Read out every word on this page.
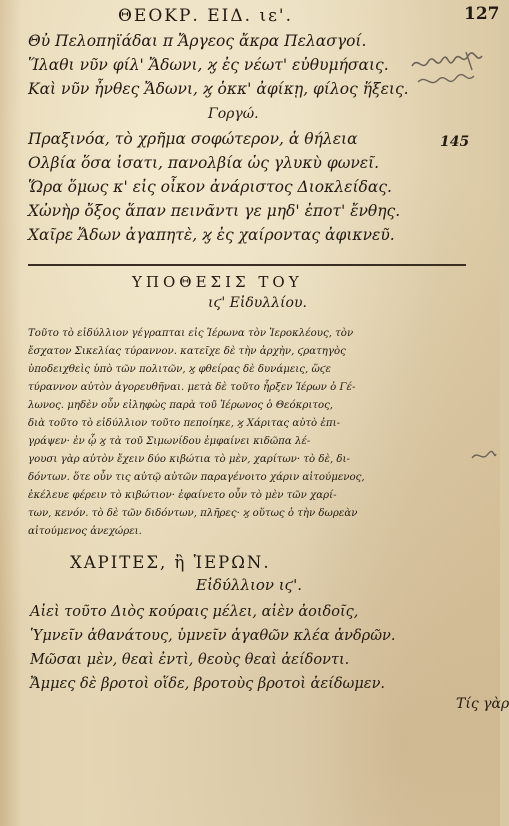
ΘΕΟΚΡ. ΕΙΔ. ιε'.	127
Θὐ Πελοπηϊάδαι π Ἄργεος ἄκρα Πελασγοί.
Ἵλαθι νῦν φίλ' Ἄδωνι, ϗ ἐς νέωτ' εὐθυμήσαις.
Καὶ νῦν ἦνθες Ἄδωνι, ϗ ὁκκ' ἀφίκῃ, φίλος ἥξεις.
Γοργώ.
Πραξινόα, τὸ χρῆμα σοφώτερον, ἁ θήλεια
Ολβία ὅσα ἰσατι, πανολβία ὡς γλυκὺ φωνεῖ.
Ὥρα ὅμως κ' εἰς οἶκον ἀνάριστος Διοκλείδας.
Χὠνὴρ ὄξος ἅπαν πεινᾶντι γε μηδ' ἐποτ' ἔνθης.
Χαῖρε Ἄδων ἀγαπητὲ, ϗ ἐς χαίροντας ἀφικνεῦ.
145
ΥΠΟΘΕΣΙΣ ΤΟΥ
ιϛ' Εἰδυλλίου.
Τοῦτο τὸ εἰδύλλιον γέγραπται εἰς Ἱέρωνα τὸν Ἱεροκλέους, τὸν
ἔσχατον Σικελίας τύραννον. κατεῖχε δὲ τὴν ἀρχὴν, ϛρατηγὸς
ὑποδειχθεὶς ὑπὸ τῶν πολιτῶν, ϗ φθείρας δὲ δυνάμεις, ὥϛε
τύραννον αὐτὸν ἀγορευθῆναι. μετὰ δὲ τοῦτο ἦρξεν Ἱέρων ὁ Γέ-
λωνος. μηδὲν οὖν εἰληφὼς παρὰ τοῦ Ἱέρωνος ὁ Θεόκριτος,
διὰ τοῦτο τὸ εἰδύλλιον τοῦτο πεποίηκε, ϗ Χάριτας αὐτὸ ἐπι-
γράψεν· ἐν ᾧ ϗ τὰ τοῦ Σιμωνίδου ἐμφαίνει κιδῶπα λέ-
γουσι γὰρ αὐτὸν ἔχειν δύο κιβώτια τὸ μὲν, χαρίτων· τὸ δὲ, δι-
δόντων. ὅτε οὖν τις αὐτῷ αὐτῶν παραγένοιτο χάριν αἰτούμενος,
ἐκέλευε φέρειν τὸ κιβώτιον· ἐφαίνετο οὖν τὸ μὲν τῶν χαρί-
των, κενόν. τὸ δὲ τῶν διδόντων, πλῆρες· ϗ οὕτως ὁ τὴν δωρεὰν
αἰτούμενος ἀνεχώρει.
ΧΑΡΙΤΕΣ, ἢ ἹΕΡΩΝ.
Εἰδύλλιον ιϛ'.
Αἰεὶ τοῦτο Διὸς κούραις μέλει, αἰὲν ἀοιδοῖς,
Ὑμνεῖν ἀθανάτους, ὑμνεῖν ἀγαθῶν κλέα ἀνδρῶν.
Μῶσαι μὲν, θεαὶ ἐντὶ, θεοὺς θεαὶ ἀείδοντι.
Ἄμμες δὲ βροτοὶ οἵδε, βροτοὺς βροτοὶ ἀείδωμεν.
Τίς γὰρ
